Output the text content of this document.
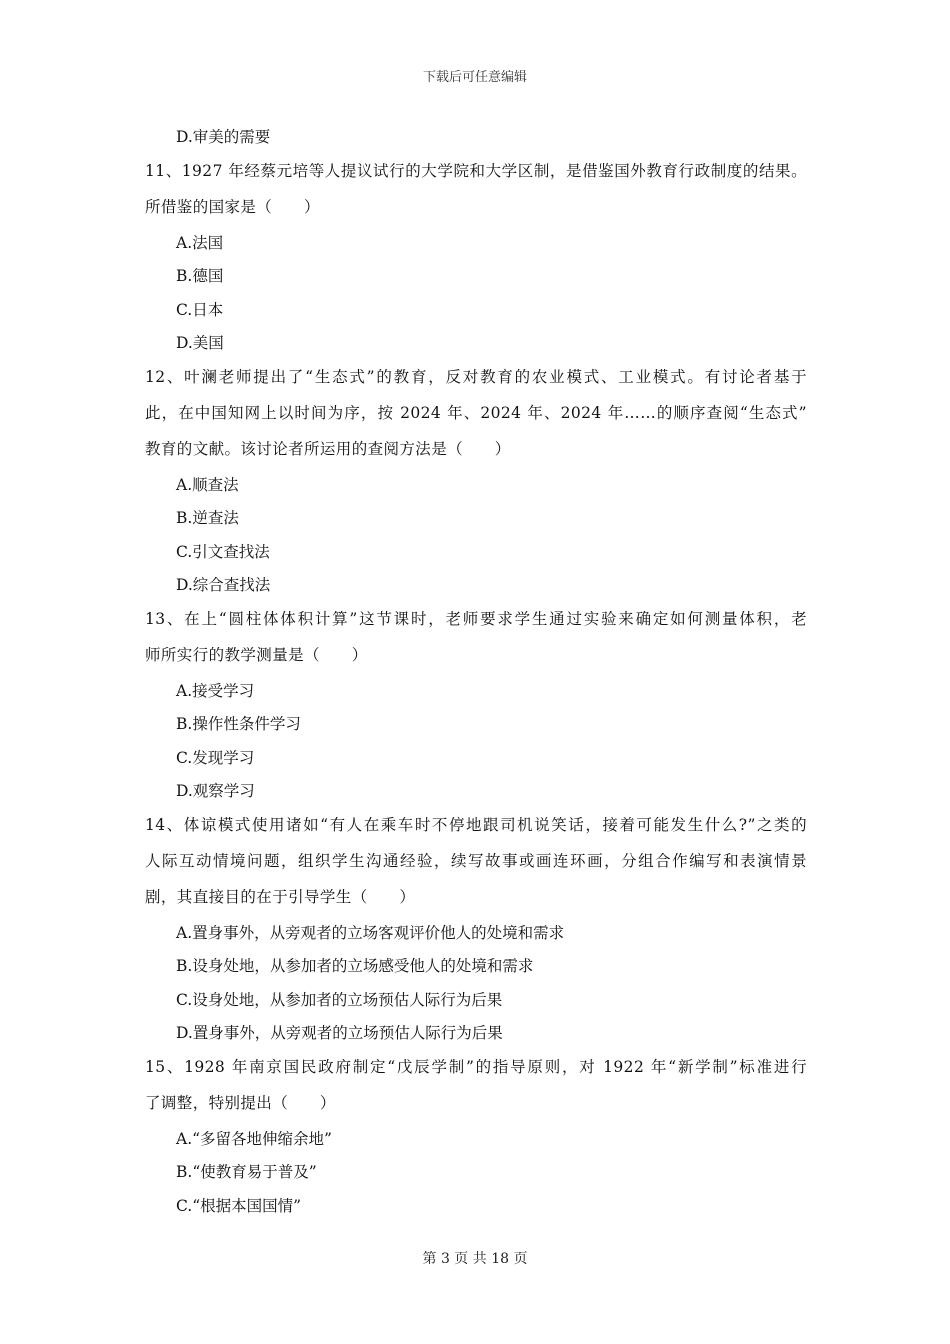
下载后可任意编辑
D.审美的需要
11、1927 年经蔡元培等人提议试行的大学院和大学区制，是借鉴国外教育行政制度的结果。
所借鉴的国家是（　　）
A.法国
B.德国
C.日本
D.美国
12、叶澜老师提出了“生态式”的教育，反对教育的农业模式、工业模式。有讨论者基于
此，在中国知网上以时间为序，按 2024 年、2024 年、2024 年……的顺序查阅“生态式”
教育的文献。该讨论者所运用的查阅方法是（　　）
A.顺查法
B.逆查法
C.引文查找法
D.综合查找法
13、在上“圆柱体体积计算”这节课时，老师要求学生通过实验来确定如何测量体积，老
师所实行的教学测量是（　　）
A.接受学习
B.操作性条件学习
C.发现学习
D.观察学习
14、体谅模式使用诸如“有人在乘车时不停地跟司机说笑话，接着可能发生什么?”之类的
人际互动情境问题，组织学生沟通经验，续写故事或画连环画，分组合作编写和表演情景
剧，其直接目的在于引导学生（　　）
A.置身事外，从旁观者的立场客观评价他人的处境和需求
B.设身处地，从参加者的立场感受他人的处境和需求
C.设身处地，从参加者的立场预估人际行为后果
D.置身事外，从旁观者的立场预估人际行为后果
15、1928 年南京国民政府制定“戊辰学制”的指导原则，对 1922 年“新学制”标准进行
了调整，特别提出（　　）
A.“多留各地伸缩余地”
B.“使教育易于普及”
C.“根据本国国情”
第 3 页 共 18 页
